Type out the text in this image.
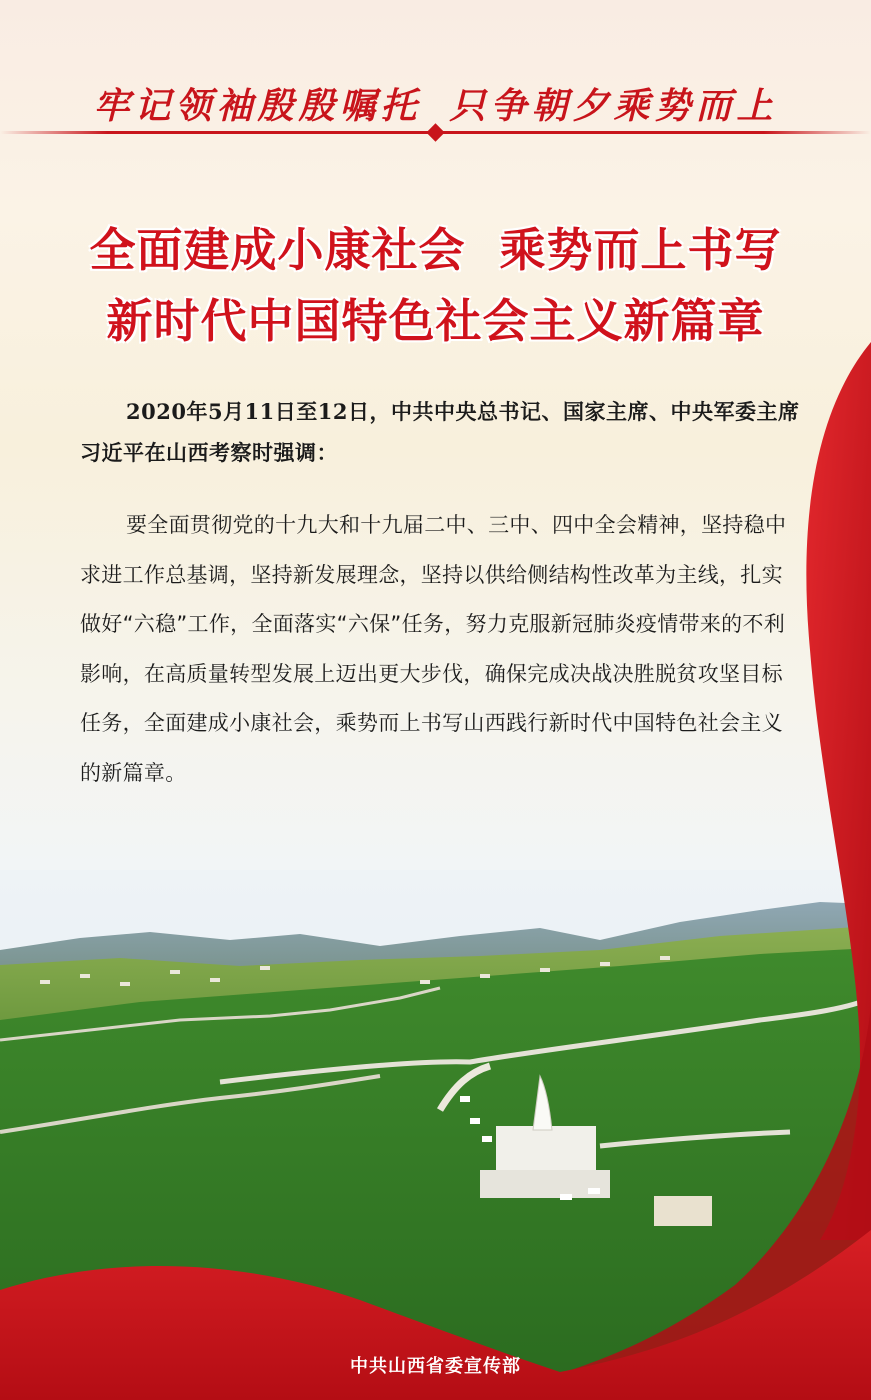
牢记领袖殷殷嘱托 只争朝夕乘势而上
全面建成小康社会  乘势而上书写
新时代中国特色社会主义新篇章
2020年5月11日至12日，中共中央总书记、国家主席、中央军委主席习近平在山西考察时强调：
要全面贯彻党的十九大和十九届二中、三中、四中全会精神，坚持稳中求进工作总基调，坚持新发展理念，坚持以供给侧结构性改革为主线，扎实做好“六稳”工作，全面落实“六保”任务，努力克服新冠肺炎疫情带来的不利影响，在高质量转型发展上迈出更大步伐，确保完成决战决胜脱贫攻坚目标任务，全面建成小康社会，乘势而上书写山西践行新时代中国特色社会主义的新篇章。
中共山西省委宣传部
